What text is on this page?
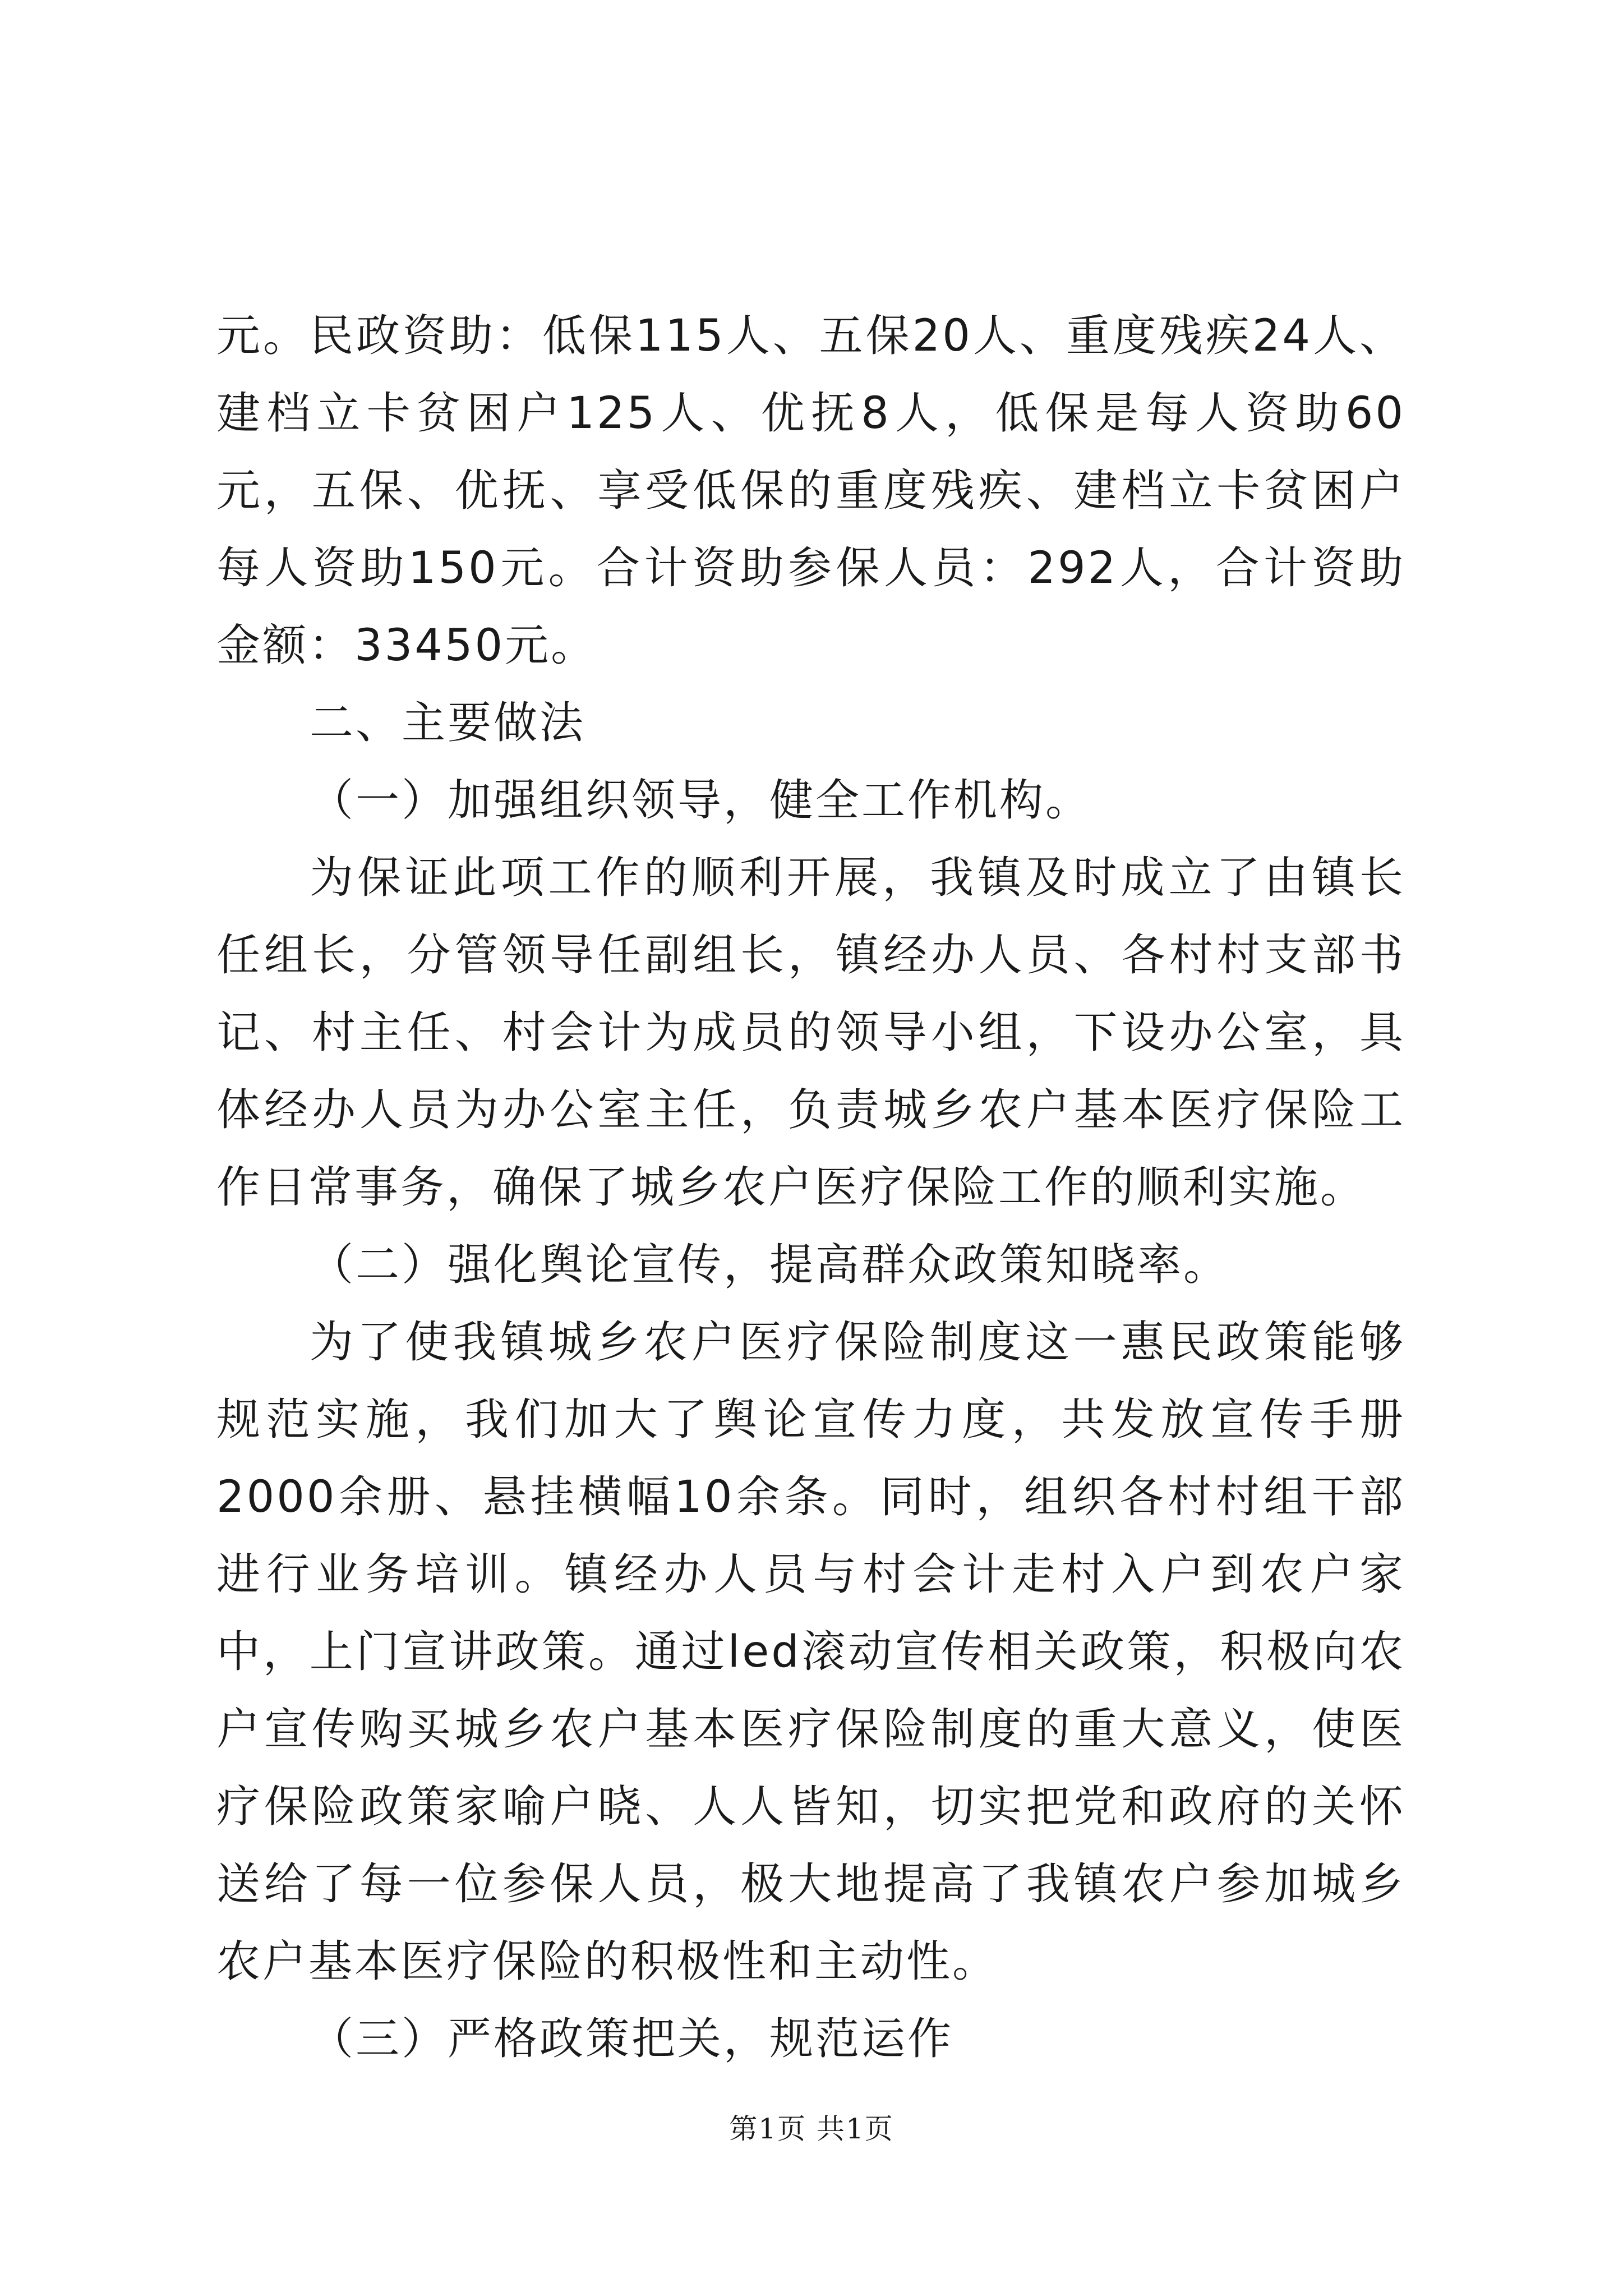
元。民政资助：低保115人、五保20人、重度残疾24人、建档立卡贫困户125人、优抚8人，低保是每人资助60元，五保、优抚、享受低保的重度残疾、建档立卡贫困户每人资助150元。合计资助参保人员：292人，合计资助金额：33450元。

二、主要做法

（一）加强组织领导，健全工作机构。

为保证此项工作的顺利开展，我镇及时成立了由镇长任组长，分管领导任副组长，镇经办人员、各村村支部书记、村主任、村会计为成员的领导小组，下设办公室，具体经办人员为办公室主任，负责城乡农户基本医疗保险工作日常事务，确保了城乡农户医疗保险工作的顺利实施。

（二）强化舆论宣传，提高群众政策知晓率。

为了使我镇城乡农户医疗保险制度这一惠民政策能够规范实施，我们加大了舆论宣传力度，共发放宣传手册2000余册、悬挂横幅10余条。同时，组织各村村组干部进行业务培训。镇经办人员与村会计走村入户到农户家中，上门宣讲政策。通过led滚动宣传相关政策，积极向农户宣传购买城乡农户基本医疗保险制度的重大意义，使医疗保险政策家喻户晓、人人皆知，切实把党和政府的关怀送给了每一位参保人员，极大地提高了我镇农户参加城乡农户基本医疗保险的积极性和主动性。

（三）严格政策把关，规范运作

第1页 共1页
